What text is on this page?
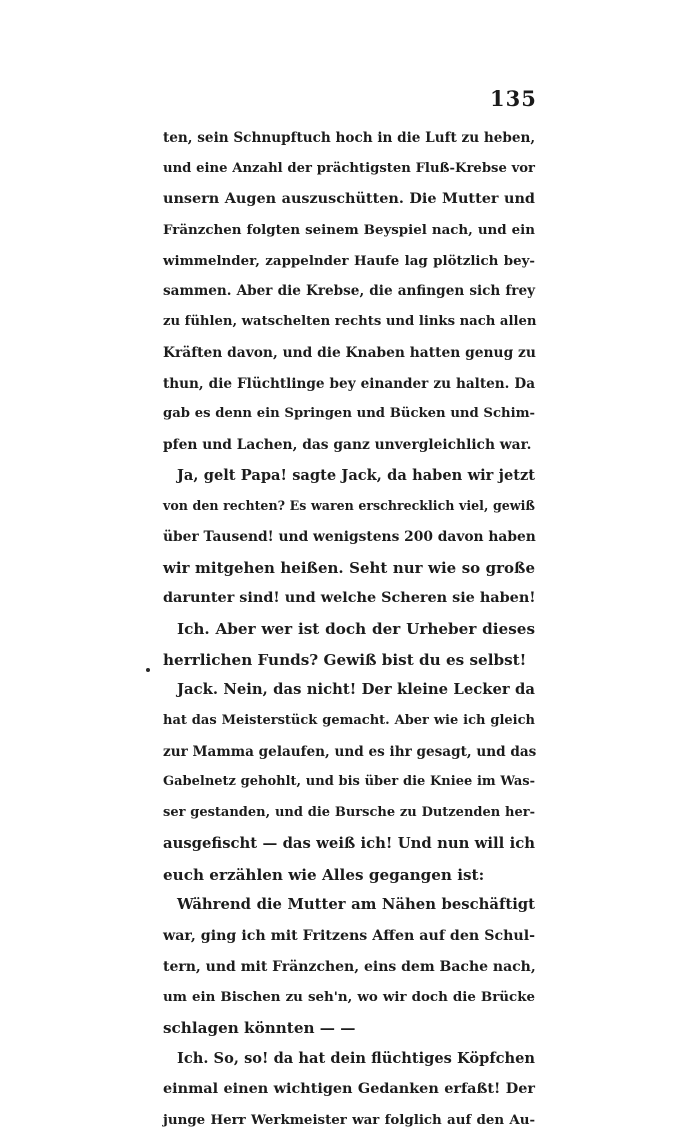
135
ten, sein Schnupftuch hoch in die Luft zu heben,
und eine Anzahl der prächtigsten Fluß-Krebse vor
unsern Augen auszuschütten. Die Mutter und
Fränzchen folgten seinem Beyspiel nach, und ein
wimmelnder, zappelnder Haufe lag plötzlich bey-
sammen. Aber die Krebse, die anfingen sich frey
zu fühlen, watschelten rechts und links nach allen
Kräften davon, und die Knaben hatten genug zu
thun, die Flüchtlinge bey einander zu halten. Da
gab es denn ein Springen und Bücken und Schim-
pfen und Lachen, das ganz unvergleichlich war.
Ja, gelt Papa! sagte Jack, da haben wir jetzt
von den rechten? Es waren erschrecklich viel, gewiß
über Tausend! und wenigstens 200 davon haben
wir mitgehen heißen. Seht nur wie so große
darunter sind! und welche Scheren sie haben!
Ich. Aber wer ist doch der Urheber dieses
herrlichen Funds? Gewiß bist du es selbst!
Jack. Nein, das nicht! Der kleine Lecker da
hat das Meisterstück gemacht. Aber wie ich gleich
zur Mamma gelaufen, und es ihr gesagt, und das
Gabelnetz gehohlt, und bis über die Kniee im Was-
ser gestanden, und die Bursche zu Dutzenden her-
ausgefischt — das weiß ich! Und nun will ich
euch erzählen wie Alles gegangen ist:
Während die Mutter am Nähen beschäftigt
war, ging ich mit Fritzens Affen auf den Schul-
tern, und mit Fränzchen, eins dem Bache nach,
um ein Bischen zu seh'n, wo wir doch die Brücke
schlagen könnten — —
Ich. So, so! da hat dein flüchtiges Köpfchen
einmal einen wichtigen Gedanken erfaßt! Der
junge Herr Werkmeister war folglich auf den Au-
